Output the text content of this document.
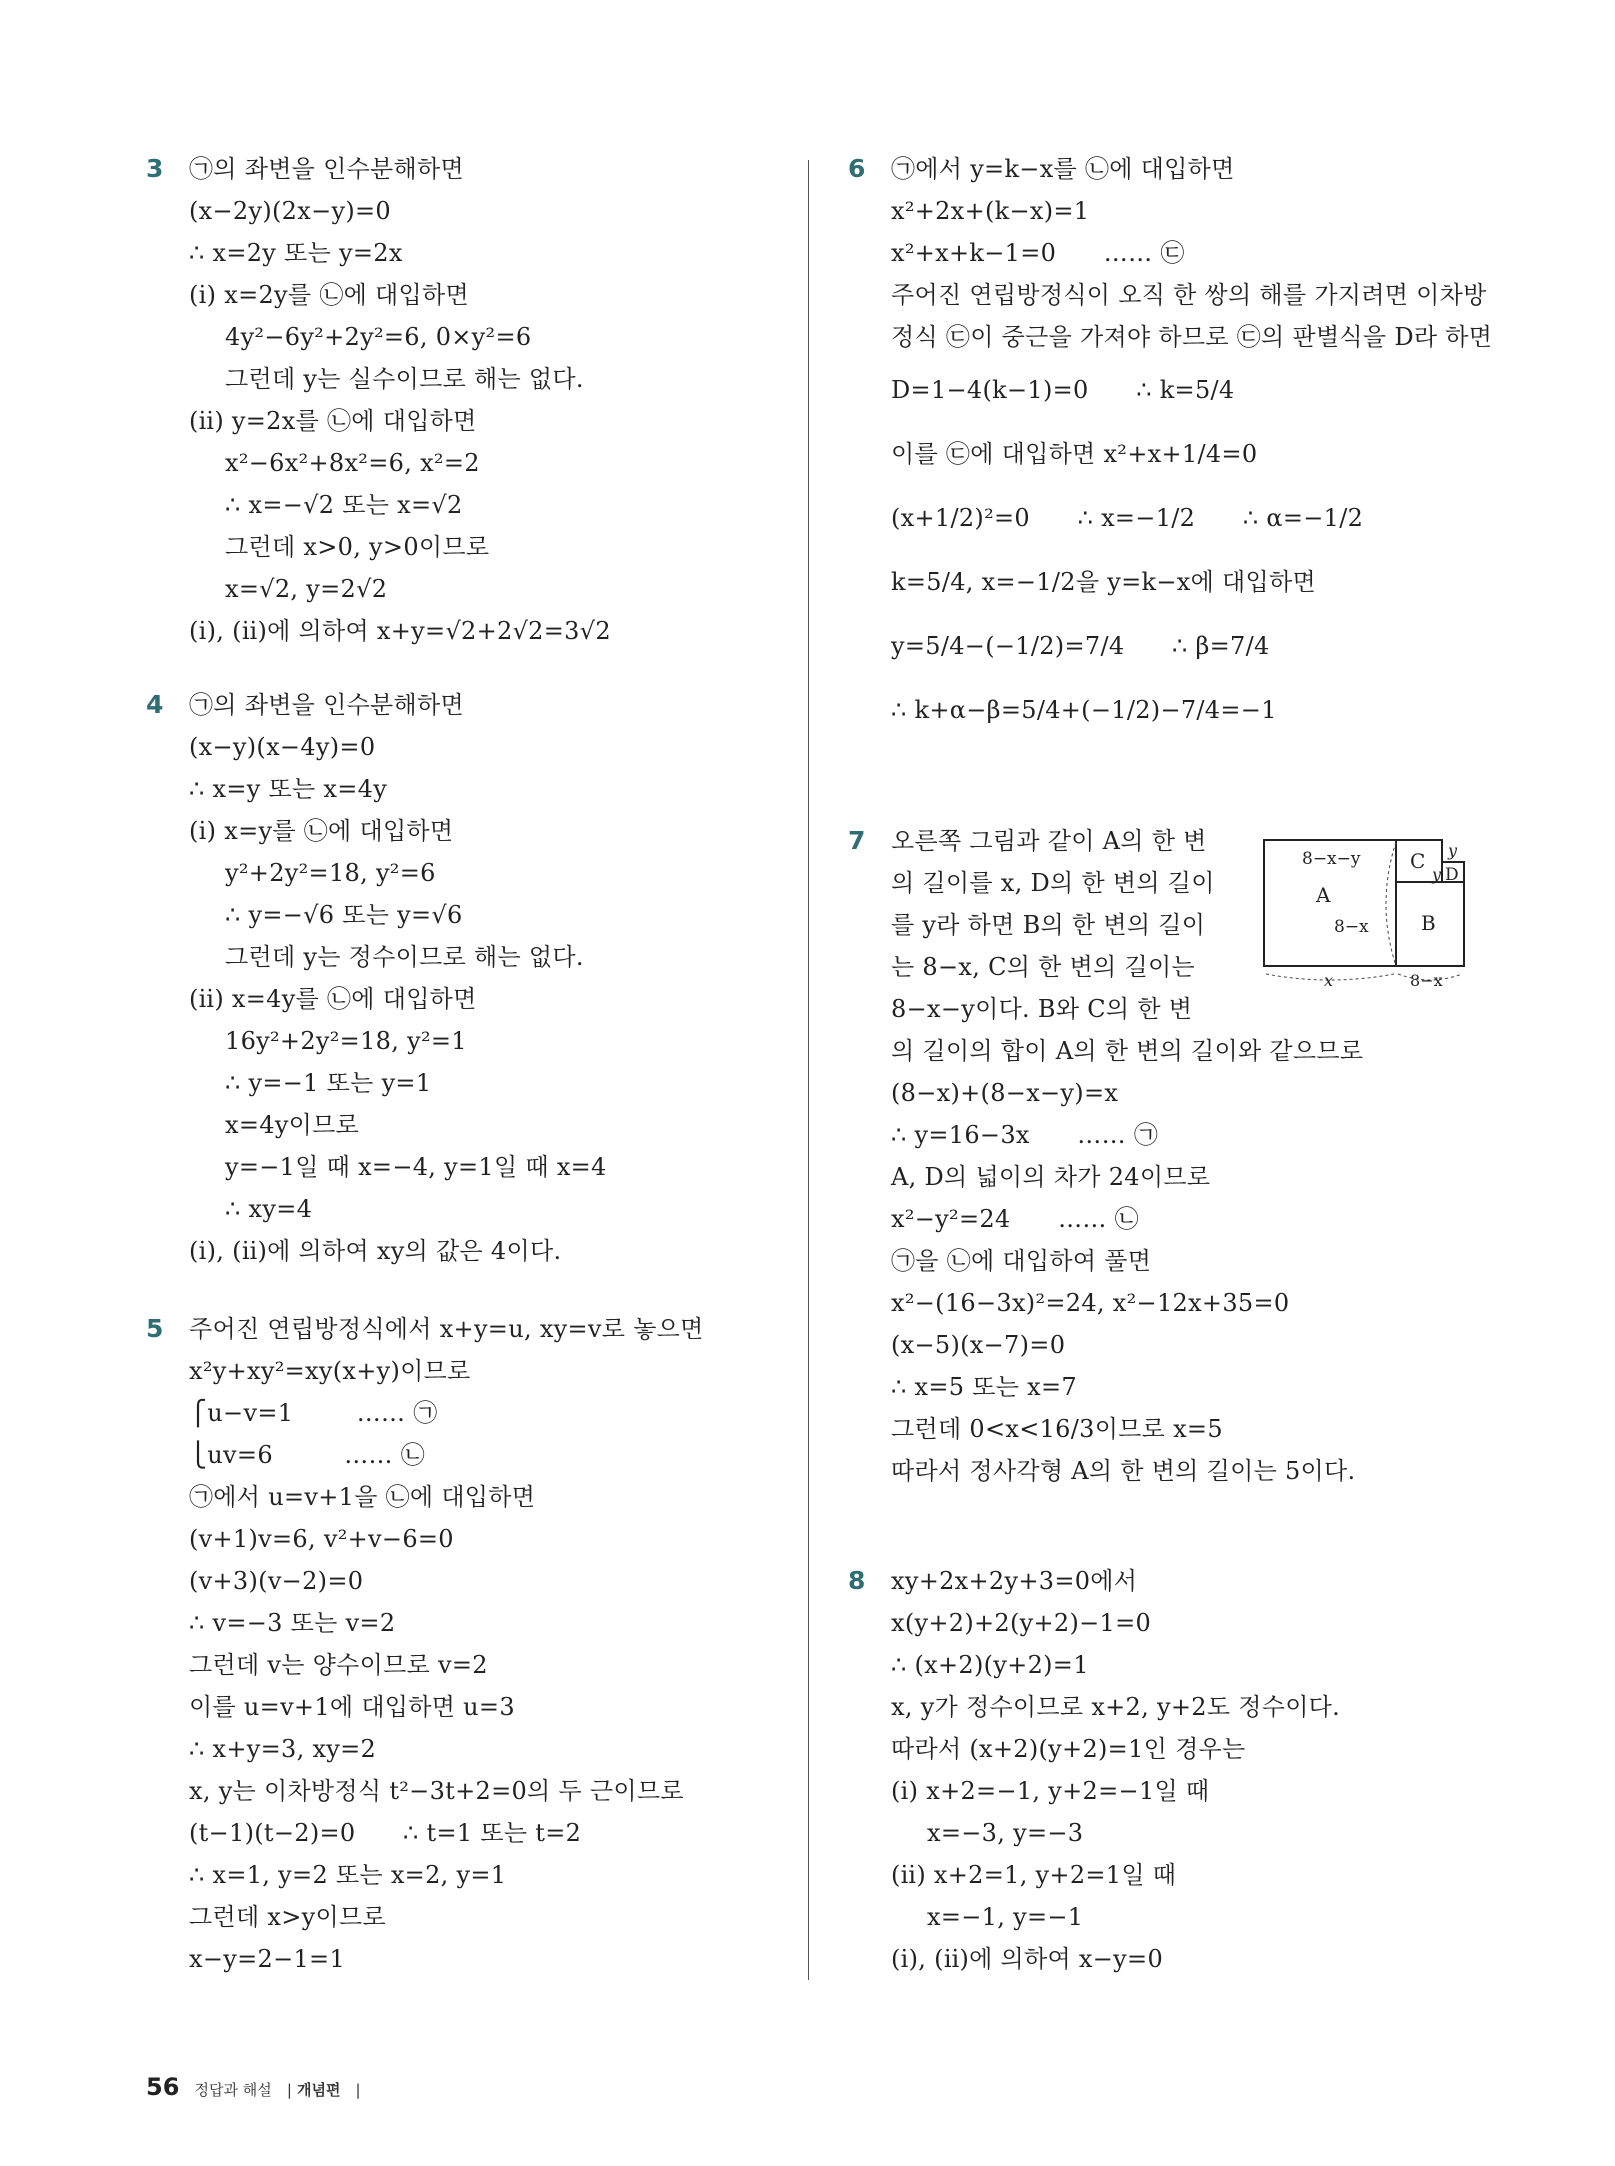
3 ㉠의 좌변을 인수분해하면
(x−2y)(2x−y)=0
∴ x=2y 또는 y=2x
(ⅰ) x=2y를 ㉡에 대입하면
4y²−6y²+2y²=6, 0×y²=6
그런데 y는 실수이므로 해는 없다.
(ⅱ) y=2x를 ㉡에 대입하면
x²−6x²+8x²=6, x²=2
∴ x=−√2 또는 x=√2
그런데 x>0, y>0이므로
x=√2, y=2√2
(ⅰ), (ⅱ)에 의하여 x+y=√2+2√2=3√2
4 ㉠의 좌변을 인수분해하면
(x−y)(x−4y)=0
∴ x=y 또는 x=4y
(ⅰ) x=y를 ㉡에 대입하면
y²+2y²=18, y²=6
∴ y=−√6 또는 y=√6
그런데 y는 정수이므로 해는 없다.
(ⅱ) x=4y를 ㉡에 대입하면
16y²+2y²=18, y²=1
∴ y=−1 또는 y=1
x=4y이므로
y=−1일 때 x=−4, y=1일 때 x=4
∴ xy=4
(ⅰ), (ⅱ)에 의하여 xy의 값은 4이다.
5 주어진 연립방정식에서 x+y=u, xy=v로 놓으면
x²y+xy²=xy(x+y)이므로
⎧u−v=1        …… ㉠
⎩uv=6         …… ㉡
㉠에서 u=v+1을 ㉡에 대입하면
(v+1)v=6, v²+v−6=0
(v+3)(v−2)=0
∴ v=−3 또는 v=2
그런데 v는 양수이므로 v=2
이를 u=v+1에 대입하면 u=3
∴ x+y=3, xy=2
x, y는 이차방정식 t²−3t+2=0의 두 근이므로
(t−1)(t−2)=0      ∴ t=1 또는 t=2
∴ x=1, y=2 또는 x=2, y=1
그런데 x>y이므로
x−y=2−1=1
6 ㉠에서 y=k−x를 ㉡에 대입하면
x²+2x+(k−x)=1
x²+x+k−1=0      …… ㉢
주어진 연립방정식이 오직 한 쌍의 해를 가지려면 이차방
정식 ㉢이 중근을 가져야 하므로 ㉢의 판별식을 D라 하면
D=1−4(k−1)=0      ∴ k=5/4
이를 ㉢에 대입하면 x²+x+1/4=0
(x+1/2)²=0      ∴ x=−1/2      ∴ α=−1/2
k=5/4, x=−1/2을 y=k−x에 대입하면
y=5/4−(−1/2)=7/4      ∴ β=7/4
∴ k+α−β=5/4+(−1/2)−7/4=−1
7 오른쪽 그림과 같이 A의 한 변
의 길이를 x, D의 한 변의 길이
를 y라 하면 B의 한 변의 길이
는 8−x, C의 한 변의 길이는
8−x−y이다. B와 C의 한 변
의 길이의 합이 A의 한 변의 길이와 같으므로
(8−x)+(8−x−y)=x
∴ y=16−3x      …… ㉠
A, D의 넓이의 차가 24이므로
x²−y²=24      …… ㉡
㉠을 ㉡에 대입하여 풀면
x²−(16−3x)²=24, x²−12x+35=0
(x−5)(x−7)=0
∴ x=5 또는 x=7
그런데 0<x<16/3이므로 x=5
따라서 정사각형 A의 한 변의 길이는 5이다.
8−x−y
A
8−x
C
D
y
y
B
x	8−x
8 xy+2x+2y+3=0에서
x(y+2)+2(y+2)−1=0
∴ (x+2)(y+2)=1
x, y가 정수이므로 x+2, y+2도 정수이다.
따라서 (x+2)(y+2)=1인 경우는
(ⅰ) x+2=−1, y+2=−1일 때
x=−3, y=−3
(ⅱ) x+2=1, y+2=1일 때
x=−1, y=−1
(ⅰ), (ⅱ)에 의하여 x−y=0
56 정답과 해설 | 개념편 |
